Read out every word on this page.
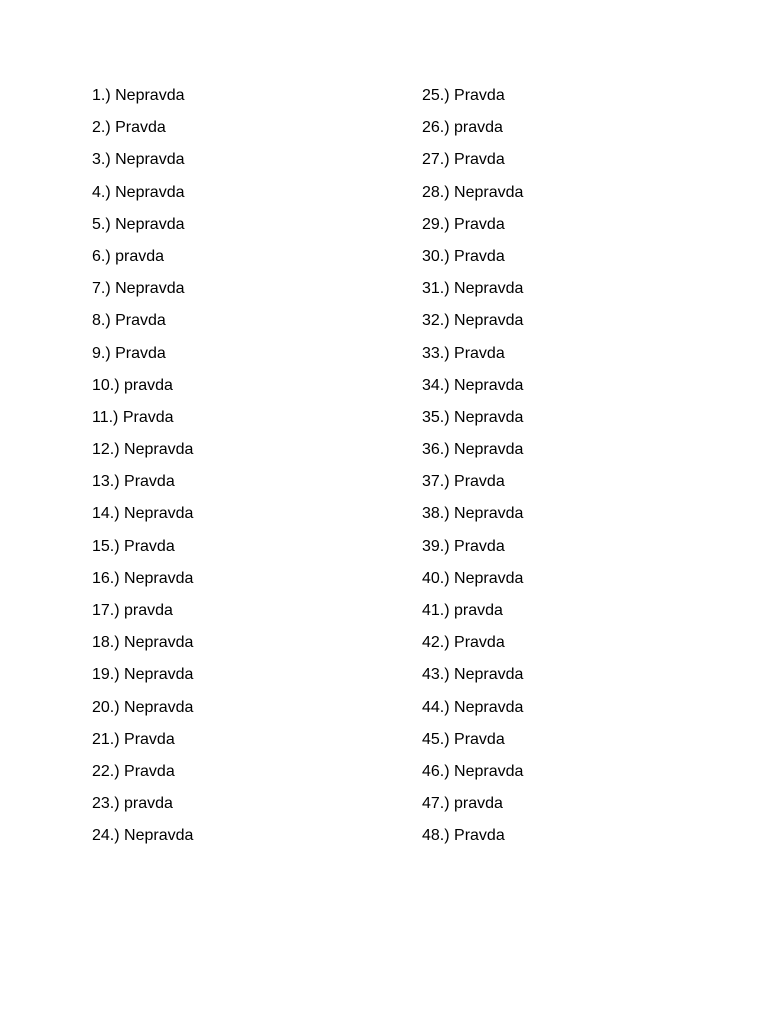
1.) Nepravda
2.) Pravda
3.) Nepravda
4.) Nepravda
5.) Nepravda
6.) pravda
7.) Nepravda
8.) Pravda
9.) Pravda
10.) pravda
11.) Pravda
12.) Nepravda
13.) Pravda
14.) Nepravda
15.) Pravda
16.) Nepravda
17.) pravda
18.) Nepravda
19.) Nepravda
20.) Nepravda
21.) Pravda
22.) Pravda
23.) pravda
24.) Nepravda
25.) Pravda
26.) pravda
27.) Pravda
28.) Nepravda
29.) Pravda
30.) Pravda
31.) Nepravda
32.) Nepravda
33.) Pravda
34.) Nepravda
35.) Nepravda
36.) Nepravda
37.) Pravda
38.) Nepravda
39.) Pravda
40.) Nepravda
41.) pravda
42.) Pravda
43.) Nepravda
44.) Nepravda
45.) Pravda
46.) Nepravda
47.) pravda
48.) Pravda
